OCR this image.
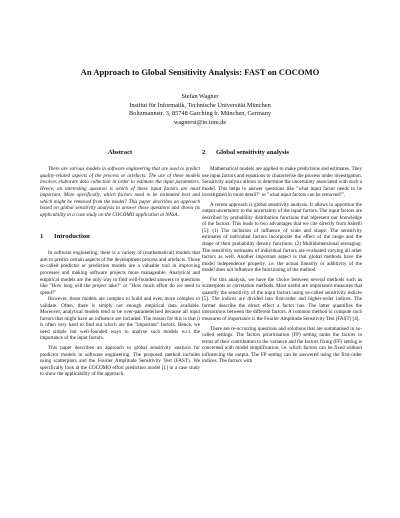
An Approach to Global Sensitivity Analysis: FAST on COCOMO
Stefan Wagner
Institut für Informatik, Technische Universität München
Boltzmannstr. 3, 85748 Garching b. München, Germany
wagnerst@in.tum.de
Abstract

There are various models in software engineering that are used to predict quality-related aspects of the process or artefacts. The use of these models involves elaborate data collection in order to estimate the input parameters. Hence, an interesting question is which of these input factors are most important. More specifically, which factors need to be estimated best and which might be removed from the model? This paper describes an approach based on global sensitivity analysis to answer these questions and shows its applicability in a case study on the COCOMO application at NASA.

1 Introduction

In software engineering, there is a variety of (mathematical) models that aim to predict certain aspects of the development process and artefacts. Those so-called predictor or prediction models are a valuable tool in improving processes and making software projects more manageable. Analytical and empirical models are the only way to find well-founded answers to questions like "How long will the project take?" or "How much effort do we need to spend?"

However, those models are complex to build and even more complex to validate. Often, there is simply not enough empirical data available. Moreover, analytical models tend to be over-parameterised because all input factors that might have an influence are included. The reason for this is that it is often very hard to find out which are the "important" factors. Hence, we need simple but well-founded ways to analyse such models w.r.t the importance of the input factors.

This paper describes an approach to global sensitivity analysis for predictor models in software engineering. The proposed method includes using scatterplots and the Fourier Amplitude Sensitivity Test (FAST). We specifically look at the COCOMO effort prediction model [1] in a case study to show the applicability of the approach.

2 Global sensitivity analysis

Mathematical models are applied to make predictions and estimates. They use input factors and equations to characterise the process under investigation. Sensitivity analysis allows to determine the uncertainty associated with such a model. This helps to answer questions like "what input factor needs to be investigated in more detail?" or "what input factors can be removed?".

A recent approach is global sensitivity analysis. It allows to apportion the output uncertainty to the uncertainty of the input factors. The input factors are described by probability distribution functions that represent our knowledge of the factors. This leads to two advantages that we cite directly from Saltelli [5]: (1) The inclusion of influence of scale and shape: The sensitivity estimates of individual factors incorporate the effect of the range and the shape of their probability density functions. (2) Multidimensional averaging: The sensitivity estimates of individual factors are evaluated varying all other factors as well. Another important aspect is that global methods have the model independence property, i.e. the actual linearity or additivity of the model does not influence the functioning of the method.

For this analysis, we have the choice between several methods such as scatterplots or correlation methods. Most useful are importance measures that quantify the sensitivity of the input factors using so-called sensitivity indices [5]. The indices are divided into first-order and higher-order indices. The former describe the direct effect a factor has. The latter quantifies the interactions between the different factors. A common method to compute such measures of importance is the Fourier Amplitude Sensitivity Test (FAST) [4].

There are re-occurring questions and solutions that are summarised in so-called settings. The factors prioritisation (FP) setting ranks the factors in terms of their contribution to the variance and the factors fixing (FF) setting is concerned with model simplification, i.e. which factors can be fixed without influencing the output. The FP setting can be answered using the first-order indices. The factors with
